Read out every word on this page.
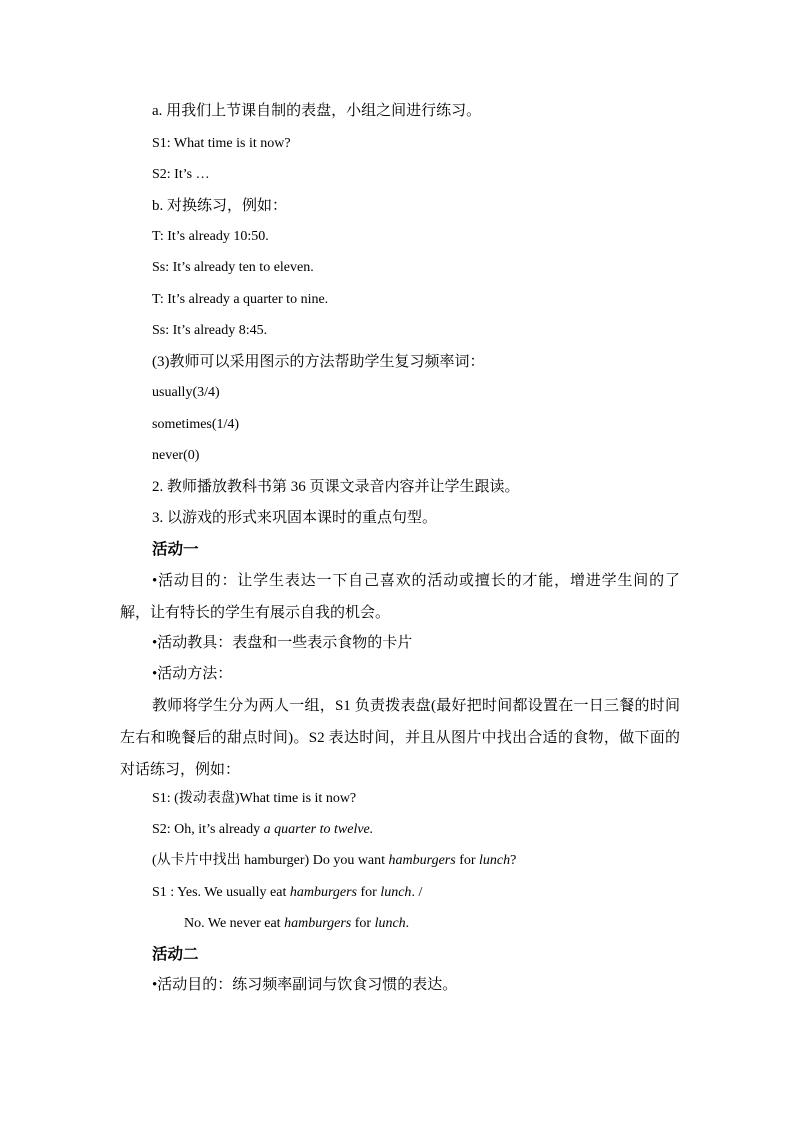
a. 用我们上节课自制的表盘，小组之间进行练习。
S1: What time is it now?
S2: It’s …
b. 对换练习，例如：
T: It’s already 10:50.
Ss: It’s already ten to eleven.
T: It’s already a quarter to nine.
Ss: It’s already 8:45.
(3)教师可以采用图示的方法帮助学生复习频率词：
usually(3/4)
sometimes(1/4)
never(0)
2. 教师播放教科书第 36 页课文录音内容并让学生跟读。
3. 以游戏的形式来巩固本课时的重点句型。
活动一
•活动目的：让学生表达一下自己喜欢的活动或擅长的才能，增进学生间的了解，让有特长的学生有展示自我的机会。
•活动教具：表盘和一些表示食物的卡片
•活动方法：
教师将学生分为两人一组，S1 负责拨表盘(最好把时间都设置在一日三餐的时间左右和晚餐后的甜点时间)。S2 表达时间，并且从图片中找出合适的食物，做下面的对话练习，例如：
S1: (拨动表盘)What time is it now?
S2: Oh, it’s already a quarter to twelve.
(从卡片中找出 hamburger) Do you want hamburgers for lunch?
S1 : Yes. We usually eat hamburgers for lunch. /
No. We never eat hamburgers for lunch.
活动二
•活动目的：练习频率副词与饮食习惯的表达。
